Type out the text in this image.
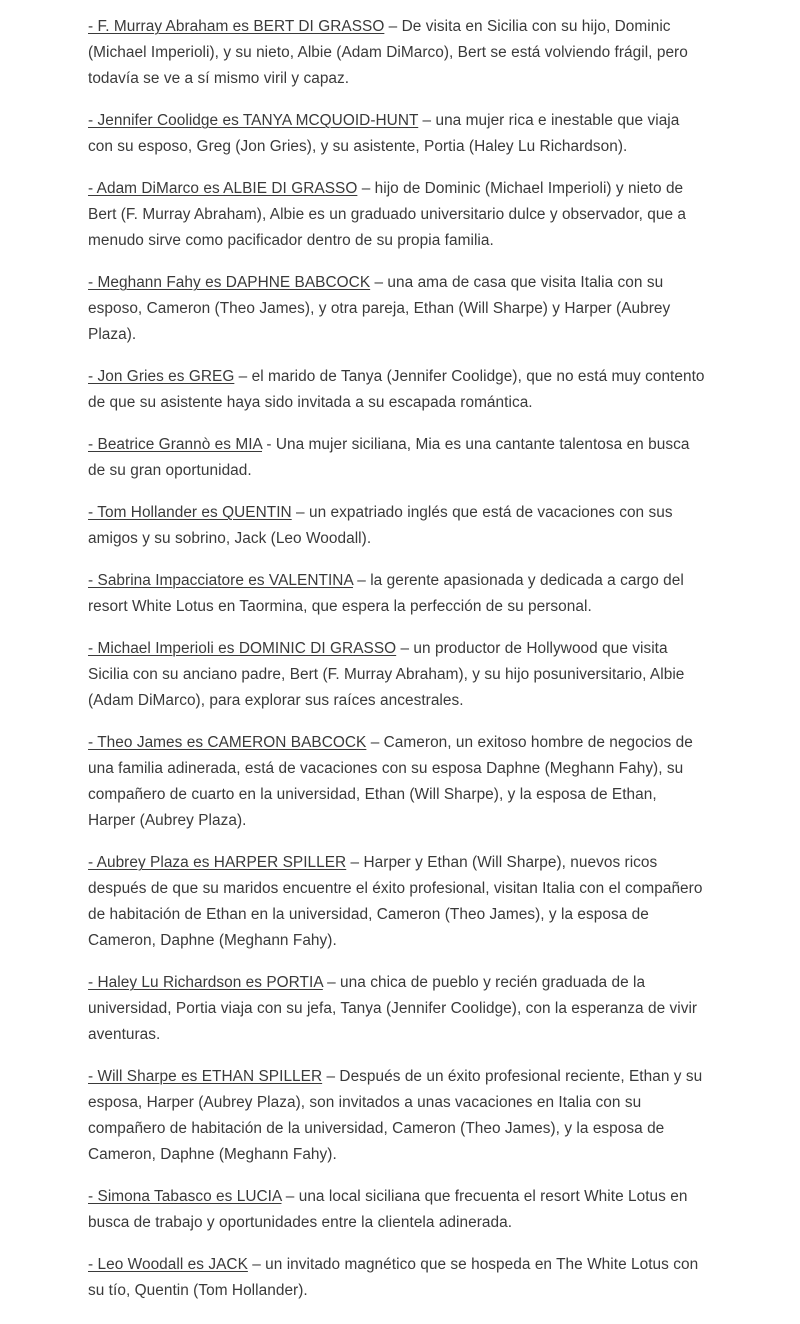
- F. Murray Abraham es BERT DI GRASSO – De visita en Sicilia con su hijo, Dominic (Michael Imperioli), y su nieto, Albie (Adam DiMarco), Bert se está volviendo frágil, pero todavía se ve a sí mismo viril y capaz.

- Jennifer Coolidge es TANYA MCQUOID-HUNT – una mujer rica e inestable que viaja con su esposo, Greg (Jon Gries), y su asistente, Portia (Haley Lu Richardson).

- Adam DiMarco es ALBIE DI GRASSO – hijo de Dominic (Michael Imperioli) y nieto de Bert (F. Murray Abraham), Albie es un graduado universitario dulce y observador, que a menudo sirve como pacificador dentro de su propia familia.

- Meghann Fahy es DAPHNE BABCOCK – una ama de casa que visita Italia con su esposo, Cameron (Theo James), y otra pareja, Ethan (Will Sharpe) y Harper (Aubrey Plaza).

- Jon Gries es GREG – el marido de Tanya (Jennifer Coolidge), que no está muy contento de que su asistente haya sido invitada a su escapada romántica.

- Beatrice Grannò es MIA - Una mujer siciliana, Mia es una cantante talentosa en busca de su gran oportunidad.

- Tom Hollander es QUENTIN – un expatriado inglés que está de vacaciones con sus amigos y su sobrino, Jack (Leo Woodall).

- Sabrina Impacciatore es VALENTINA – la gerente apasionada y dedicada a cargo del resort White Lotus en Taormina, que espera la perfección de su personal.

- Michael Imperioli es DOMINIC DI GRASSO – un productor de Hollywood que visita Sicilia con su anciano padre, Bert (F. Murray Abraham), y su hijo posuniversitario, Albie (Adam DiMarco), para explorar sus raíces ancestrales.

- Theo James es CAMERON BABCOCK – Cameron, un exitoso hombre de negocios de una familia adinerada, está de vacaciones con su esposa Daphne (Meghann Fahy), su compañero de cuarto en la universidad, Ethan (Will Sharpe), y la esposa de Ethan, Harper (Aubrey Plaza).

- Aubrey Plaza es HARPER SPILLER – Harper y Ethan (Will Sharpe), nuevos ricos después de que su maridos encuentre el éxito profesional, visitan Italia con el compañero de habitación de Ethan en la universidad, Cameron (Theo James), y la esposa de Cameron, Daphne (Meghann Fahy).

- Haley Lu Richardson es PORTIA – una chica de pueblo y recién graduada de la universidad, Portia viaja con su jefa, Tanya (Jennifer Coolidge), con la esperanza de vivir aventuras.

- Will Sharpe es ETHAN SPILLER – Después de un éxito profesional reciente, Ethan y su esposa, Harper (Aubrey Plaza), son invitados a unas vacaciones en Italia con su compañero de habitación de la universidad, Cameron (Theo James), y la esposa de Cameron, Daphne (Meghann Fahy).

- Simona Tabasco es LUCIA – una local siciliana que frecuenta el resort White Lotus en busca de trabajo y oportunidades entre la clientela adinerada.

- Leo Woodall es JACK – un invitado magnético que se hospeda en The White Lotus con su tío, Quentin (Tom Hollander).
